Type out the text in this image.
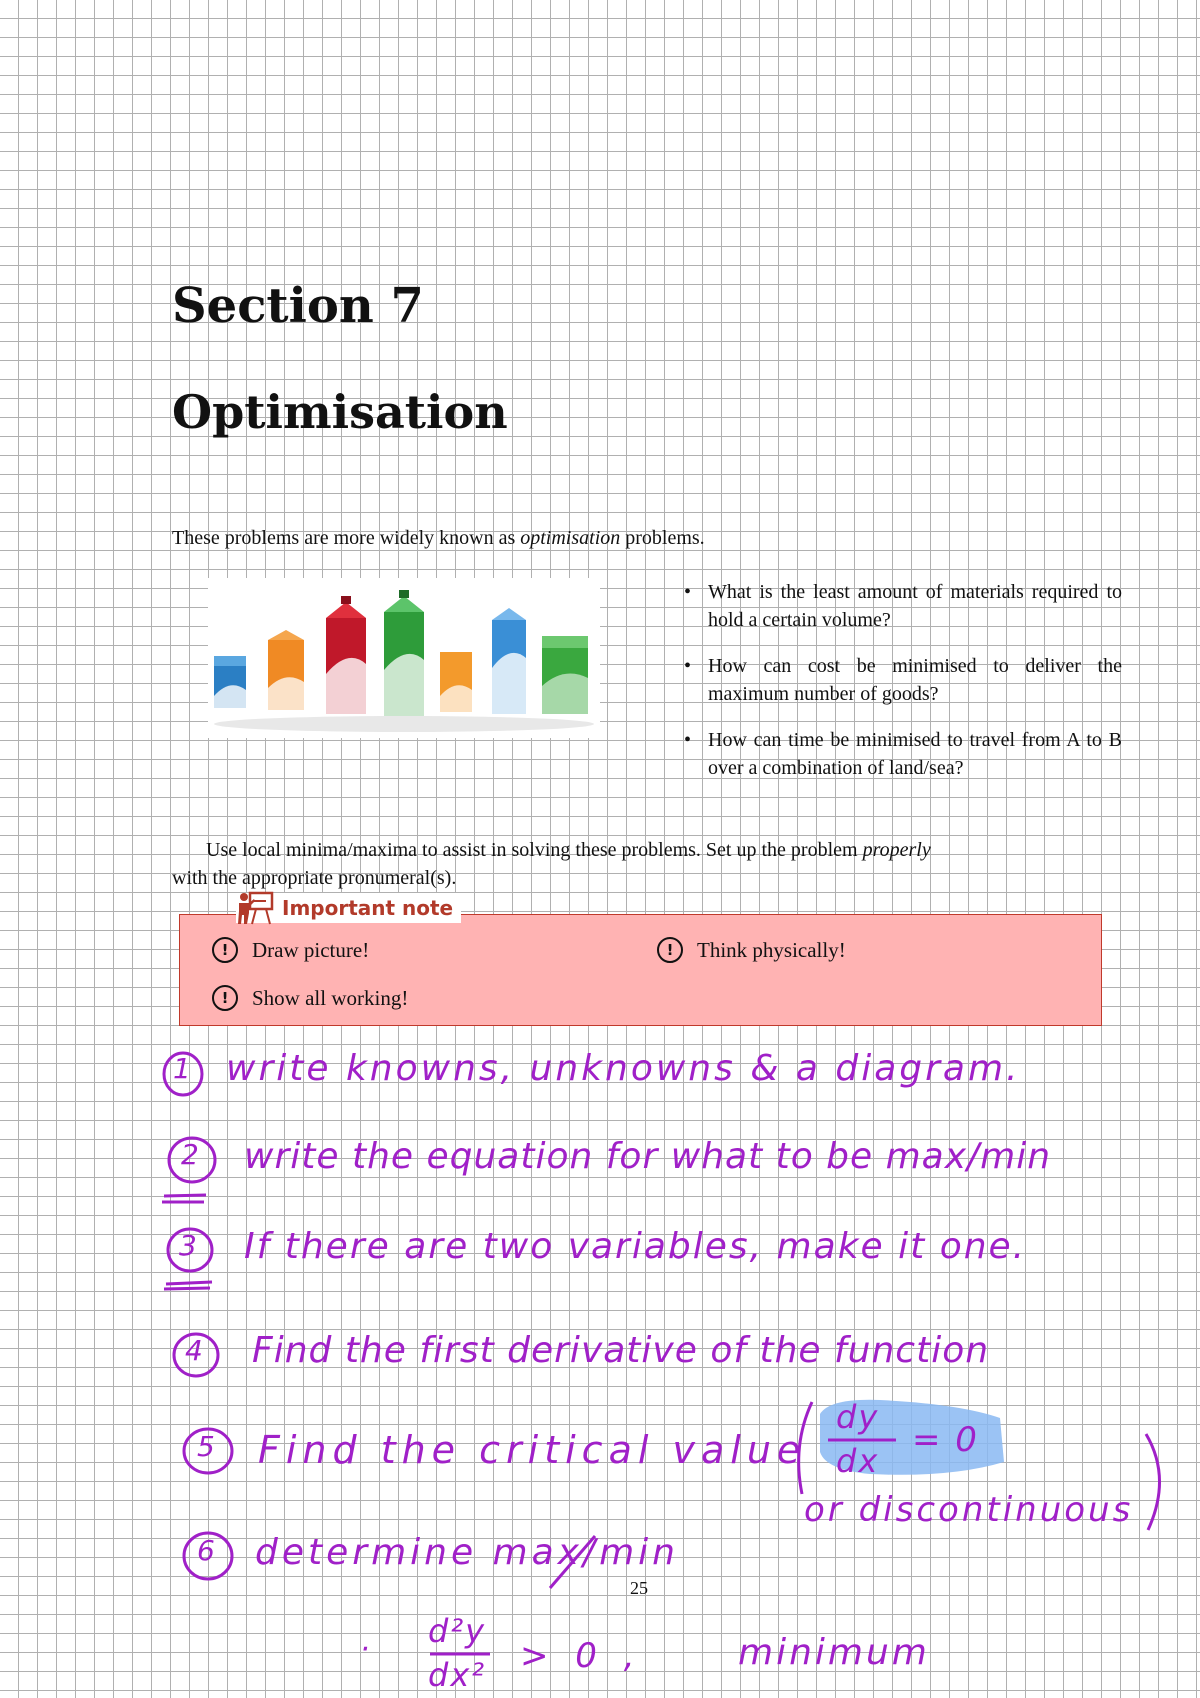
Section 7
Optimisation
These problems are more widely known as optimisation problems.
• What is the least amount of materials required to hold a certain volume?
• How can cost be minimised to deliver the maximum number of goods?
• How can time be minimised to travel from A to B over a combination of land/sea?
Use local minima/maxima to assist in solving these problems. Set up the problem properly
with the appropriate pronumeral(s).
!	Draw picture!	!	Think physically!
!	Show all working!
Important note
1
2
3
4
5
6
write knowns, unknowns & a diagram.
write the equation for what to be max/min
If there are two variables, make it one.
Find the first derivative of the function
Find the critical value
determine max/min
dy
dx
= 0
or discontinuous
· d²y
dx² > 0 ,	minimum
25
